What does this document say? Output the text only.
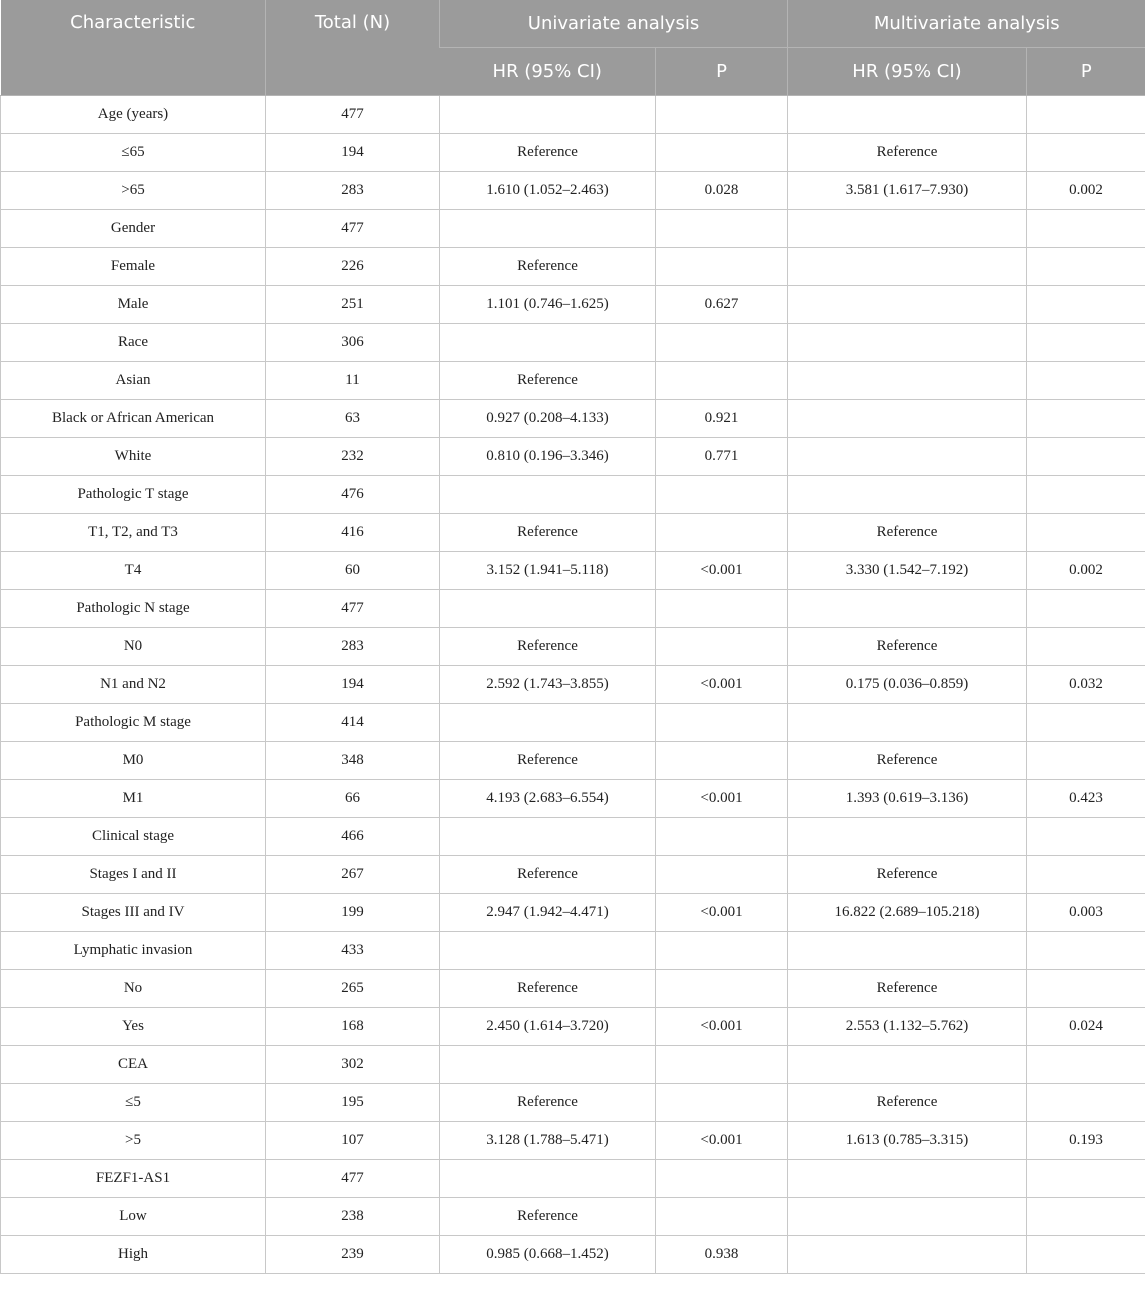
Characteristic	Total (N)	Univariate analysis		Multivariate analysis	
		HR (95% CI)	P	HR (95% CI)	P
Age (years)	477				
≤65	194	Reference		Reference	
>65	283	1.610 (1.052–2.463)	0.028	3.581 (1.617–7.930)	0.002
Gender	477				
Female	226	Reference			
Male	251	1.101 (0.746–1.625)	0.627		
Race	306				
Asian	11	Reference			
Black or African American	63	0.927 (0.208–4.133)	0.921		
White	232	0.810 (0.196–3.346)	0.771		
Pathologic T stage	476				
T1, T2, and T3	416	Reference		Reference	
T4	60	3.152 (1.941–5.118)	<0.001	3.330 (1.542–7.192)	0.002
Pathologic N stage	477				
N0	283	Reference		Reference	
N1 and N2	194	2.592 (1.743–3.855)	<0.001	0.175 (0.036–0.859)	0.032
Pathologic M stage	414				
M0	348	Reference		Reference	
M1	66	4.193 (2.683–6.554)	<0.001	1.393 (0.619–3.136)	0.423
Clinical stage	466				
Stages I and II	267	Reference		Reference	
Stages III and IV	199	2.947 (1.942–4.471)	<0.001	16.822 (2.689–105.218)	0.003
Lymphatic invasion	433				
No	265	Reference		Reference	
Yes	168	2.450 (1.614–3.720)	<0.001	2.553 (1.132–5.762)	0.024
CEA	302				
≤5	195	Reference		Reference	
>5	107	3.128 (1.788–5.471)	<0.001	1.613 (0.785–3.315)	0.193
FEZF1-AS1	477				
Low	238	Reference			
High	239	0.985 (0.668–1.452)	0.938		
